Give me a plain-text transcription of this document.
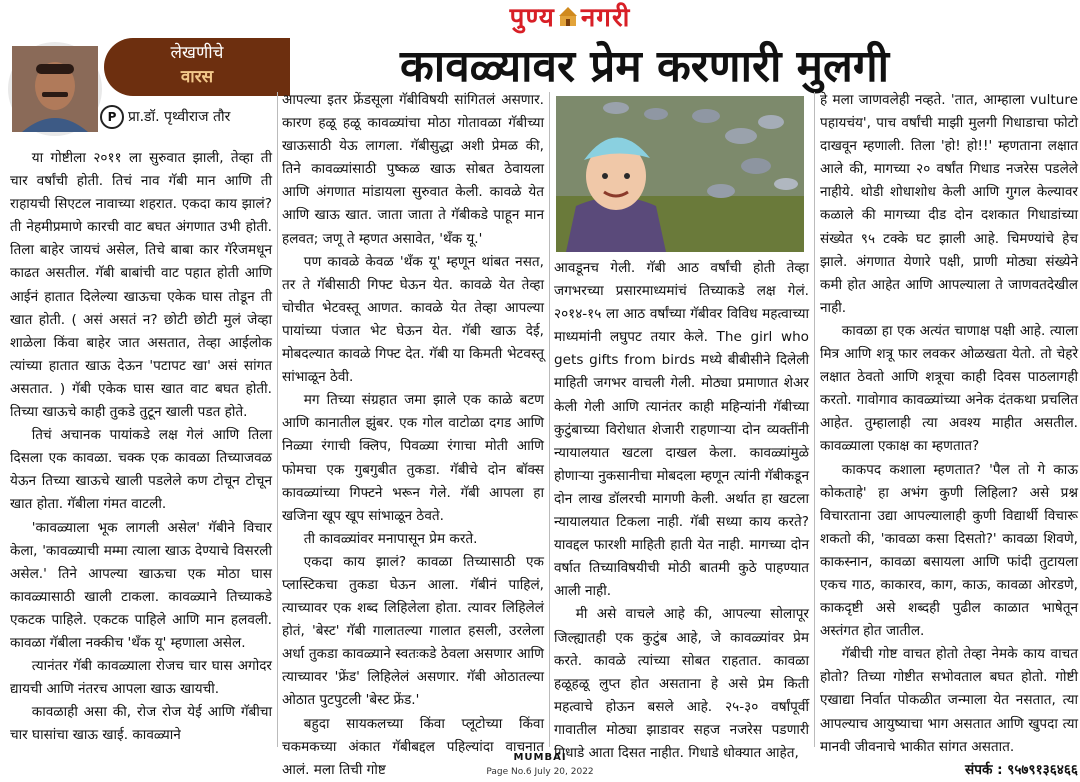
पुण्य नगरी
कावळ्यावर प्रेम करणारी मुलगी
लेखणीचे
वारस
P प्रा.डॉ. पृथ्वीराज तौर

या गोष्टीला २०११ ला सुरुवात झाली, तेव्हा ती चार वर्षांची होती. तिचं नाव गॅबी मान आणि ती राहायची सिएटल नावाच्या शहरात. एकदा काय झालं? ती नेहमीप्रमाणे कारची वाट बघत अंगणात उभी होती. तिला बाहेर जायचं असेल, तिचे बाबा कार गॅरेजमधून काढत असतील. गॅबी बाबांची वाट पहात होती आणि आईनं हातात दिलेल्या खाऊचा एकेक घास तोडून ती खात होती. ( असं असतं न? छोटी छोटी मुलं जेव्हा शाळेला किंवा बाहेर जात असतात, तेव्हा आईलोक त्यांच्या हातात खाऊ देऊन 'पटापट खा' असं सांगत असतात. ) गॅबी एकेक घास खात वाट बघत होती. तिच्या खाऊचे काही तुकडे तुटून खाली पडत होते.

तिचं अचानक पायांकडे लक्ष गेलं आणि तिला दिसला एक कावळा. चक्क एक कावळा तिच्याजवळ येऊन तिच्या खाऊचे खाली पडलेले कण टोचून टोचून खात होता. गॅबीला गंमत वाटली.

'कावळ्याला भूक लागली असेल' गॅबीने विचार केला, 'कावळ्याची मम्मा त्याला खाऊ देण्याचे विसरली असेल.' तिने आपल्या खाऊचा एक मोठा घास कावळ्यासाठी खाली टाकला. कावळ्याने तिच्याकडे एकटक पाहिले. एकटक पाहिले आणि मान हलवली. कावळा गॅबीला नक्कीच 'थँक यू' म्हणाला असेल.

त्यानंतर गॅबी कावळ्याला रोजच चार घास अगोदर द्यायची आणि नंतरच आपला खाऊ खायची.

कावळाही असा की, रोज रोज येई आणि गॅबीचा चार घासांचा खाऊ खाई. कावळ्याने

आपल्या इतर फ्रेंडसूला गॅबीविषयी सांगितलं असणार. कारण हळू हळू कावळ्यांचा मोठा गोतावळा गॅबीच्या खाऊसाठी येऊ लागला. गॅबीसुद्धा अशी प्रेमळ की, तिने कावळ्यांसाठी पुष्कळ खाऊ सोबत ठेवायला आणि अंगणात मांडायला सुरुवात केली. कावळे येत आणि खाऊ खात. जाता जाता ते गॅबीकडे पाहून मान हलवत; जणू ते म्हणत असावेत, 'थँक यू.'

पण कावळे केवळ 'थँक यू' म्हणून थांबत नसत, तर ते गॅबीसाठी गिफ्ट घेऊन येत. कावळे येत तेव्हा चोचीत भेटवस्तू आणत. कावळे येत तेव्हा आपल्या पायांच्या पंजात भेट घेऊन येत. गॅबी खाऊ देई, मोबदल्यात कावळे गिफ्ट देत. गॅबी या किमती भेटवस्तू सांभाळून ठेवी.

मग तिच्या संग्रहात जमा झाले एक काळे बटण आणि कानातील झुंबर. एक गोल वाटोळा दगड आणि निळ्या रंगाची क्लिप, पिवळ्या रंगाचा मोती आणि फोमचा एक गुबगुबीत तुकडा. गॅबीचे दोन बॉक्स कावळ्यांच्या गिफ्टने भरून गेले. गॅबी आपला हा खजिना खूप खूप सांभाळून ठेवते.

ती कावळ्यांवर मनापासून प्रेम करते.

एकदा काय झालं? कावळा तिच्यासाठी एक प्लास्टिकचा तुकडा घेऊन आला. गॅबीनं पाहिलं, त्याच्यावर एक शब्द लिहिलेला होता. त्यावर लिहिलेलं होतं, 'बेस्ट' गॅबी गालातल्या गालात हसली, उरलेला अर्धा तुकडा कावळ्याने स्वतःकडे ठेवला असणार आणि त्याच्यावर 'फ्रेंड' लिहिलेलं असणार. गॅबी ओठातल्या ओठात पुटपुटली 'बेस्ट फ्रेंड.'

बहुदा सायकलच्या किंवा प्लूटोच्या किंवा चकमकच्या अंकात गॅबीबद्दल पहिल्यांदा वाचनात आलं. मला तिची गोष्ट

आवडूनच गेली. गॅबी आठ वर्षांची होती तेव्हा जगभरच्या प्रसारमाध्यमांचं तिच्याकडे लक्ष गेलं. २०१४-१५ ला आठ वर्षांच्या गॅबीवर विविध महत्वाच्या माध्यमांनी लघुपट तयार केले. The girl who gets gifts from birds मध्ये बीबीसीने दिलेली माहिती जगभर वाचली गेली. मोठ्या प्रमाणात शेअर केली गेली आणि त्यानंतर काही महिन्यांनी गॅबीच्या कुटुंबाच्या विरोधात शेजारी राहणाऱ्या दोन व्यक्तींनी न्यायालयात खटला दाखल केला. कावळ्यांमुळे होणाऱ्या नुकसानीचा मोबदला म्हणून त्यांनी गॅबीकडून दोन लाख डॉलरची मागणी केली. अर्थात हा खटला न्यायालयात टिकला नाही. गॅबी सध्या काय करते? यावद्दल फारशी माहिती हाती येत नाही. मागच्या दोन वर्षात तिच्याविषयीची मोठी बातमी कुठे पाहण्यात आली नाही.

मी असे वाचले आहे की, आपल्या सोलापूर जिल्ह्यातही एक कुटुंब आहे, जे कावळ्यांवर प्रेम करते. कावळे त्यांच्या सोबत राहतात. कावळा हळूहळू लुप्त होत असताना हे असे प्रेम किती महत्वाचे होऊन बसले आहे. २५-३० वर्षांपूर्वी गावातील मोठ्या झाडावर सहज नजरेस पडणारी गिधाडे आता दिसत नाहीत. गिधाडे धोक्यात आहेत,

हे मला जाणवलेही नव्हते. 'तात, आम्हाला vulture पहायचंय', पाच वर्षांची माझी मुलगी गिधाडाचा फोटो दाखवून म्हणाली. तिला 'हो! हो!!' म्हणताना लक्षात आले की, मागच्या २० वर्षांत गिधाड नजरेस पडलेले नाहीये. थोडी शोधाशोध केली आणि गुगल केल्यावर कळाले की मागच्या दीड दोन दशकात गिधाडांच्या संख्येत ९५ टक्के घट झाली आहे. चिमण्यांचे हेच झाले. अंगणात येणारे पक्षी, प्राणी मोठ्या संख्येने कमी होत आहेत आणि आपल्याला ते जाणवतदेखील नाही.

कावळा हा एक अत्यंत चाणाक्ष पक्षी आहे. त्याला मित्र आणि शत्रू फार लवकर ओळखता येतो. तो चेहरे लक्षात ठेवतो आणि शत्रूचा काही दिवस पाठलागही करतो. गावोगाव कावळ्यांच्या अनेक दंतकथा प्रचलित आहेत. तुम्हालाही त्या अवश्य माहीत असतील. कावळ्याला एकाक्ष का म्हणतात?

काकपद कशाला म्हणतात? 'पैल तो गे काऊ कोकताहे' हा अभंग कुणी लिहिला? असे प्रश्न विचारताना उद्या आपल्यालाही कुणी विद्यार्थी विचारू शकतो की, 'कावळा कसा दिसतो?' कावळा शिवणे, काकस्नान, कावळा बसायला आणि फांदी तुटायला एकच गाठ, काकारव, काग, काऊ, कावळा ओरडणे, काकदृष्टी असे शब्दही पुढील काळात भाषेतून अस्तंगत होत जातील.

गॅबीची गोष्ट वाचत होतो तेव्हा नेमके काय वाचत होतो? तिच्या गोष्टीत सभोवताल बघत होतो. गोष्टी एखाद्या निर्वात पोकळीत जन्माला येत नसतात, त्या आपल्याच आयुष्याचा भाग असतात आणि खुपदा त्या मानवी जीवनाचे भाकीत सांगत असतात.

संपर्क : ९५७९१३६४६६

MUMBAI
Page No.6 July 20, 2022
